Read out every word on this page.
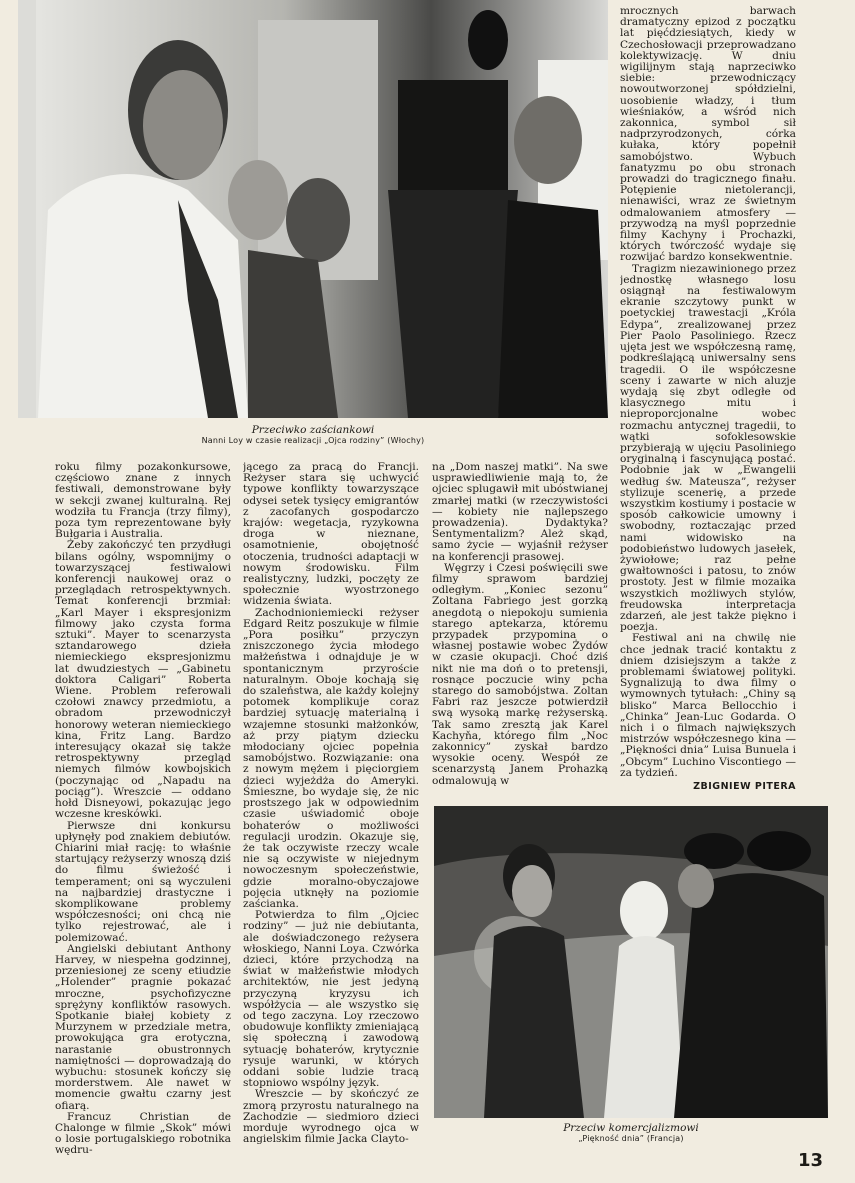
Przeciwko zaściankowi
Nanni Loy w czasie realizacji „Ojca rodziny” (Włochy)

roku filmy pozakonkursowe, częściowo znane z innych festiwali, demonstrowane były w sekcji zwanej kulturalną. Rej wodziła tu Francja (trzy filmy), poza tym reprezentowane były Bułgaria i Australia.

Żeby zakończyć ten przydługi bilans ogólny, wspomnijmy o towarzyszącej festiwalowi konferencji naukowej oraz o przeglądach retrospektywnych. Temat konferencji brzmiał: „Karl Mayer i ekspresjonizm filmowy jako czysta forma sztuki”. Mayer to scenarzysta sztandarowego dzieła niemieckiego ekspresjonizmu lat dwudziestych — „Gabinetu doktora Caligari” Roberta Wiene. Problem referowali czołowi znawcy przedmiotu, a obradom przewodniczył honorowy weteran niemieckiego kina, Fritz Lang. Bardzo interesujący okazał się także retrospektywny przegląd niemych filmów kowbojskich (poczynając od „Napadu na pociąg”). Wreszcie — oddano hołd Disneyowi, pokazując jego wczesne kreskówki.

Pierwsze dni konkursu upłynęły pod znakiem debiutów. Chiarini miał rację: to właśnie startujący reżyserzy wnoszą dziś do filmu świeżość i temperament; oni są wyczuleni na najbardziej drastyczne i skomplikowane problemy współczesności; oni chcą nie tylko rejestrować, ale i polemizować.

Angielski debiutant Anthony Harvey, w niespełna godzinnej, przeniesionej ze sceny etiudzie „Holender” pragnie pokazać mroczne, psychofizyczne sprężyny konfliktów rasowych. Spotkanie białej kobiety z Murzynem w przedziale metra, prowokująca gra erotyczna, narastanie obustronnych namiętności — doprowadzają do wybuchu: stosunek kończy się morderstwem. Ale nawet w momencie gwałtu czarny jest ofiarą.

Francuz Christian de Chalonge w filmie „Skok” mówi o losie portugalskiego robotnika wędru-

jącego za pracą do Francji. Reżyser stara się uchwycić typowe konflikty towarzyszące odysei setek tysięcy emigrantów z zacofanych gospodarczo krajów: wegetacja, ryzykowna droga w nieznane, osamotnienie, obojętność otoczenia, trudności adaptacji w nowym środowisku. Film realistyczny, ludzki, poczęty ze społecznie wyostrzonego widzenia świata.

Zachodnioniemiecki reżyser Edgard Reitz poszukuje w filmie „Pora posiłku” przyczyn zniszczonego życia młodego małżeństwa i odnajduje je w spontanicznym przyroście naturalnym. Oboje kochają się do szaleństwa, ale każdy kolejny potomek komplikuje coraz bardziej sytuację materialną i wzajemne stosunki małżonków, aż przy piątym dziecku młodociany ojciec popełnia samobójstwo. Rozwiązanie: ona z nowym mężem i pięciorgiem dzieci wyjeżdża do Ameryki. Śmieszne, bo wydaje się, że nic prostszego jak w odpowiednim czasie uświadomić oboje bohaterów o możliwości regulacji urodzin. Okazuje się, że tak oczywiste rzeczy wcale nie są oczywiste w niejednym nowoczesnym społeczeństwie, gdzie moralno-obyczajowe pojęcia utknęły na poziomie zaścianka.

Potwierdza to film „Ojciec rodziny” — już nie debiutanta, ale doświadczonego reżysera włoskiego, Nanni Loya. Czwórka dzieci, które przychodzą na świat w małżeństwie młodych architektów, nie jest jedyną przyczyną kryzysu ich współżycia — ale wszystko się od tego zaczyna. Loy rzeczowo obudowuje konflikty zmieniającą się społeczną i zawodową sytuację bohaterów, krytycznie rysuje warunki, w których oddani sobie ludzie tracą stopniowo wspólny język.

Wreszcie — by skończyć ze zmorą przyrostu naturalnego na Zachodzie — siedmioro dzieci morduje wyrodnego ojca w angielskim filmie Jacka Clayto-

na „Dom naszej matki”. Na swe usprawiedliwienie mają to, że ojciec splugawił mit ubóstwianej zmarłej matki (w rzeczywistości — kobiety nie najlepszego prowadzenia). Dydaktyka? Sentymentalizm? Ależ skąd, samo życie — wyjaśnił reżyser na konferencji prasowej.

Węgrzy i Czesi poświęcili swe filmy sprawom bardziej odległym. „Koniec sezonu” Zoltana Fabriego jest gorzką anegdotą o niepokoju sumienia starego aptekarza, któremu przypadek przypomina o własnej postawie wobec Żydów w czasie okupacji. Choć dziś nikt nie ma doń o to pretensji, rosnące poczucie winy pcha starego do samobójstwa. Zoltan Fabri raz jeszcze potwierdził swą wysoką markę reżyserską. Tak samo zresztą jak Karel Kachyňa, którego film „Noc zakonnicy” zyskał bardzo wysokie oceny. Wespół ze scenarzystą Janem Prohazką odmalowują w

mrocznych barwach dramatyczny epizod z początku lat pięćdziesiątych, kiedy w Czechosłowacji przeprowadzano kolektywizację. W dniu wigilijnym stają naprzeciwko siebie: przewodniczący nowoutworzonej spółdzielni, uosobienie władzy, i tłum wieśniaków, a wśród nich zakonnica, symbol sił nadprzyrodzonych, córka kułaka, który popełnił samobójstwo. Wybuch fanatyzmu po obu stronach prowadzi do tragicznego finału. Potępienie nietolerancji, nienawiści, wraz ze świetnym odmalowaniem atmosfery — przywodzą na myśl poprzednie filmy Kachyny i Prochazki, których twórczość wydaje się rozwijać bardzo konsekwentnie.

Tragizm niezawinionego przez jednostkę własnego losu osiągnął na festiwalowym ekranie szczytowy punkt w poetyckiej trawestacji „Króla Edypa”, zrealizowanej przez Pier Paolo Pasoliniego. Rzecz ujęta jest we współczesną ramę, podkreślającą uniwersalny sens tragedii. O ile współczesne sceny i zawarte w nich aluzje wydają się zbyt odległe od klasycznego mitu i nieproporcjonalne wobec rozmachu antycznej tragedii, to wątki sofoklesowskie przybierają w ujęciu Pasoliniego oryginalną i fascynującą postać. Podobnie jak w „Ewangelii według św. Mateusza”, reżyser stylizuje scenerię, a przede wszystkim kostiumy i postacie w sposób całkowicie umowny i swobodny, roztaczając przed nami widowisko na podobieństwo ludowych jasełek, żywiołowe; raz pełne gwałtowności i patosu, to znów prostoty. Jest w filmie mozaika wszystkich możliwych stylów, freudowska interpretacja zdarzeń, ale jest także piękno i poezja.

Festiwal ani na chwilę nie chce jednak tracić kontaktu z dniem dzisiejszym a także z problemami światowej polityki. Sygnalizują to dwa filmy o wymownych tytułach: „Chiny są blisko” Marca Bellocchio i „Chinka” Jean-Luc Godarda. O nich i o filmach największych mistrzów współczesnego kina — „Piękności dnia” Luisa Bunuela i „Obcym” Luchino Viscontiego — za tydzień.

ZBIGNIEW PITERA
Przeciw komercjalizmowi
„Piękność dnia” (Francja)
13
